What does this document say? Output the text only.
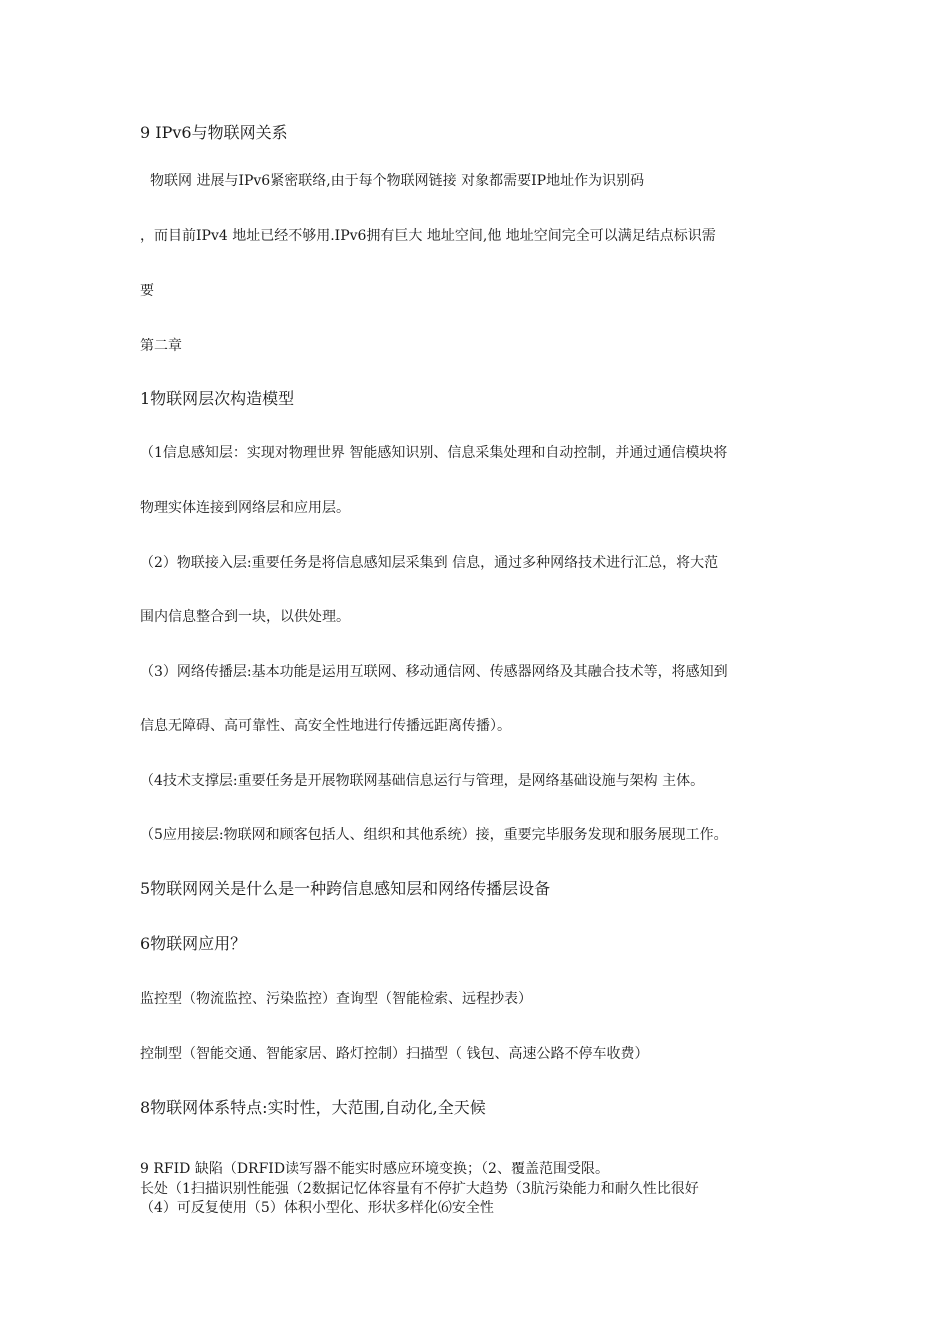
9 IPv6与物联网关系
物联网 进展与IPv6紧密联络,由于每个物联网链接 对象都需要IP地址作为识别码
，而目前IPv4 地址已经不够用.IPv6拥有巨大 地址空间,他 地址空间完全可以满足结点标识需
要
第二章
1物联网层次构造模型
（1信息感知层：实现对物理世界 智能感知识别、信息采集处理和自动控制，并通过通信模块将
物理实体连接到网络层和应用层。
（2）物联接入层:重要任务是将信息感知层采集到 信息，通过多种网络技术进行汇总，将大范
围内信息整合到一块，以供处理。
（3）网络传播层:基本功能是运用互联网、移动通信网、传感器网络及其融合技术等，将感知到
信息无障碍、高可靠性、高安全性地进行传播远距离传播）。
（4技术支撑层:重要任务是开展物联网基础信息运行与管理，是网络基础设施与架构 主体。
（5应用接层:物联网和顾客包括人、组织和其他系统）接，重要完毕服务发现和服务展现工作。
5物联网网关是什么是一种跨信息感知层和网络传播层设备
6物联网应用？
监控型（物流监控、污染监控）查询型（智能检索、远程抄表）
控制型（智能交通、智能家居、路灯控制）扫描型（ 钱包、高速公路不停车收费）
8物联网体系特点:实时性，大范围,自动化,全天候
9 RFID 缺陷（DRFID读写器不能实时感应环境变换；（2、覆盖范围受限。
长处（1扫描识别性能强（2数据记忆体容量有不停扩大趋势（3肮污染能力和耐久性比很好
（4）可反复使用（5）体积小型化、形状多样化⑹安全性
